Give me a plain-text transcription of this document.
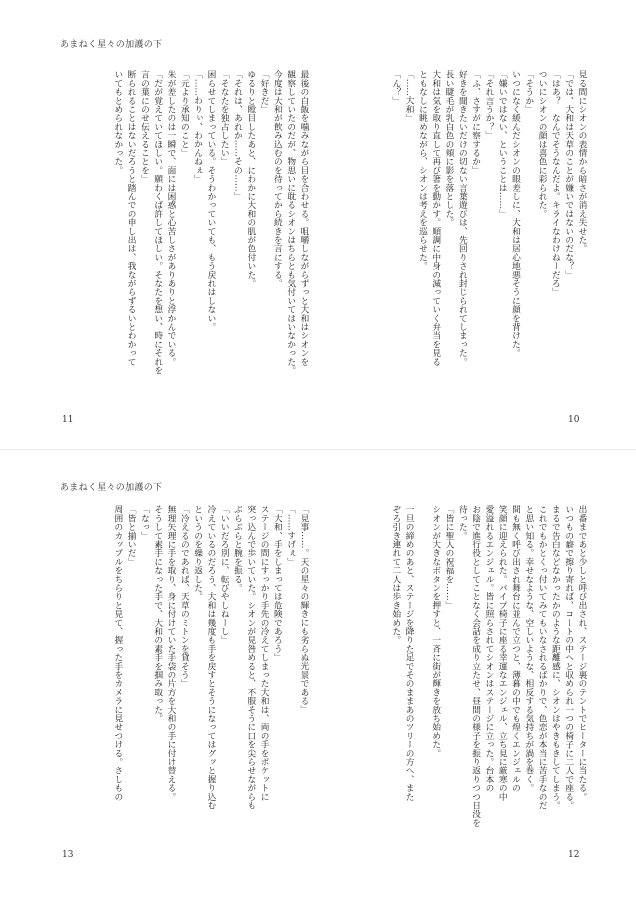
あまねく星々の加護の下

最後の白飯を噛みながら目を合わせる。咀嚼しながらずっと大和はシオンを

観察していたのだが、物思いに耽るシオンはちらとも気付いてはいなかった。

今度は大和が飲み込むのを待ってから続きを言にする。

「好きだ」

ゆるりと瞠目したあと、にわかに大和の肌が色付いた。

「それは、あれか……その……」

「そなたを独占したい」

困らせてしまっている。そうわかっていても、もう戻れはしない。

「……わりぃ、わかんねぇ」

「元より承知のこと」

朱が差したのは一瞬で、面には困惑と心苦しさがありありと浮かんでいる。

「だが覚えていてほしい。願わくば許してほしい。そなたを想い、時にそれを

言の葉にのせ伝えることを」

断られることはないだろうと踏んでの申し出は、我ながらずるいとわかって

いてもとめられなかった。	見る間にシオンの表情から暗さが消え失せた。

「では、大和は天草のことが嫌いではないのだな？」

「はあ？　なんでそうなんだよ。キライなわけねーだろ」

ついにシオンの顔は喜色に彩られた。

「そうか」

いつになく緩んだシオンの眼差しに、大和は居心地悪そうに顔を背けた。

「嫌いではない、ということは……」

「それ言うか？」

「ふ、さすがに察するか」

好きを聞きたいだけの切ない言葉遊びは、先回りされ封じられてしまった。

長い睫毛が乳白色の頬に影を落とした。

大和は気を取り直して再び箸を動かす。順調に中身の減っていく弁当を見る

ともなしに眺めながら、シオンは考えを巡らせた。

「……大和」

「ん？」

11	10
あまねく星々の加護の下

「見事……。天の星々の輝きにも劣らぬ光景である」

「……すげぇ」

「大和、手をしまっては危険であろう」

ステージの間にすっかり手先の冷えてしまった大和は、両の手をポケットに

突っ込んで歩いていた。シオンが見咎めると、不服そうに口を尖らせながらも

ぶらぶらと腕を振る。

「いいだろ別に、転びやしねーし」

冷えているのだろう、大和は幾度も手を戻すとそうになってはグッと握り込む

というのを繰り返した。

「冷えるのであれば、天草のミトンを貸そう」

無理矢理に手を取り、身に付けていた手袋の片方を大和の手に付け替える。

そうして素手になった手で、大和の素手を掴み取った。

「なっ」

「皆と揃いだ」

周囲のカップルをちらりと見て、握った手をカメラに見せつける。さしもの	出番まであと少しと呼び出され、ステージ裏のテントでヒーターに当たる。

いつもの癖で擦り寄れば、コートの中へと収められ一つの椅子に二人で座る。

まるで告白などなかったかのような距離感に、シオンはやきもきしてしまう。

これでもかとくっ付いてみてもいなされるばかりで、色恋が本当に苦手なのだ

と思い知る。幸せなような、空しいような、相反する気持ちが渦を巻く。

間も無く呼び出され舞台に並んで立つと、薄暮の中でも煌くエンジェルの

笑顔に迎えられた。パイプ椅子に座る幸運なエンジェル、立ち見に厳寒の中

愛溢れるエンジェル。皆に照らされてシオンはステージに立った。台本の

お陰で進行役としてことなく会話を成り立たせ、昼間の様子を振り返りつつ日没を

待った。

「皆に聖人の祝福を……」

シオンが大きなボタンを押すと、一斉に街が輝きを放ち始めた。

一旦の締めのあと、ステージを降りた足でそのままあのツリーの方へ、また

ぞろ引き連れて二人は歩き始めた。

13	12
